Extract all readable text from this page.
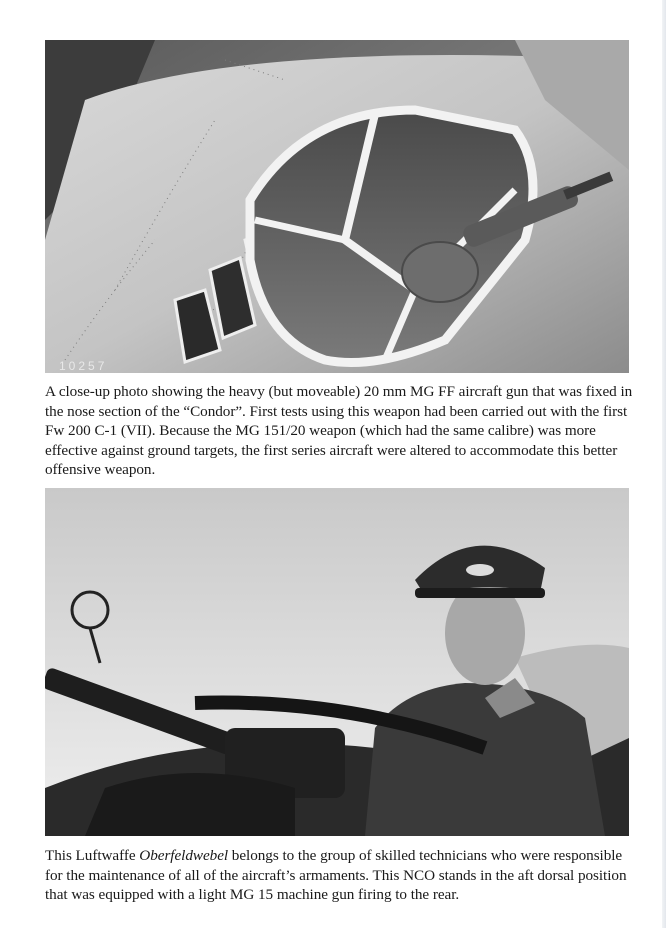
10257

A close-up photo showing the heavy (but moveable) 20 mm MG FF aircraft gun that was fixed in the nose section of the “Condor”. First tests using this weapon had been carried out with the first Fw 200 C-1 (VII). Because the MG 151/20 weapon (which had the same calibre) was more effective against ground targets, the first series aircraft were altered to accommodate this better offensive weapon.

This Luftwaffe Oberfeldwebel belongs to the group of skilled technicians who were responsible for the maintenance of all of the aircraft’s armaments. This NCO stands in the aft dorsal position that was equipped with a light MG 15 machine gun firing to the rear.
